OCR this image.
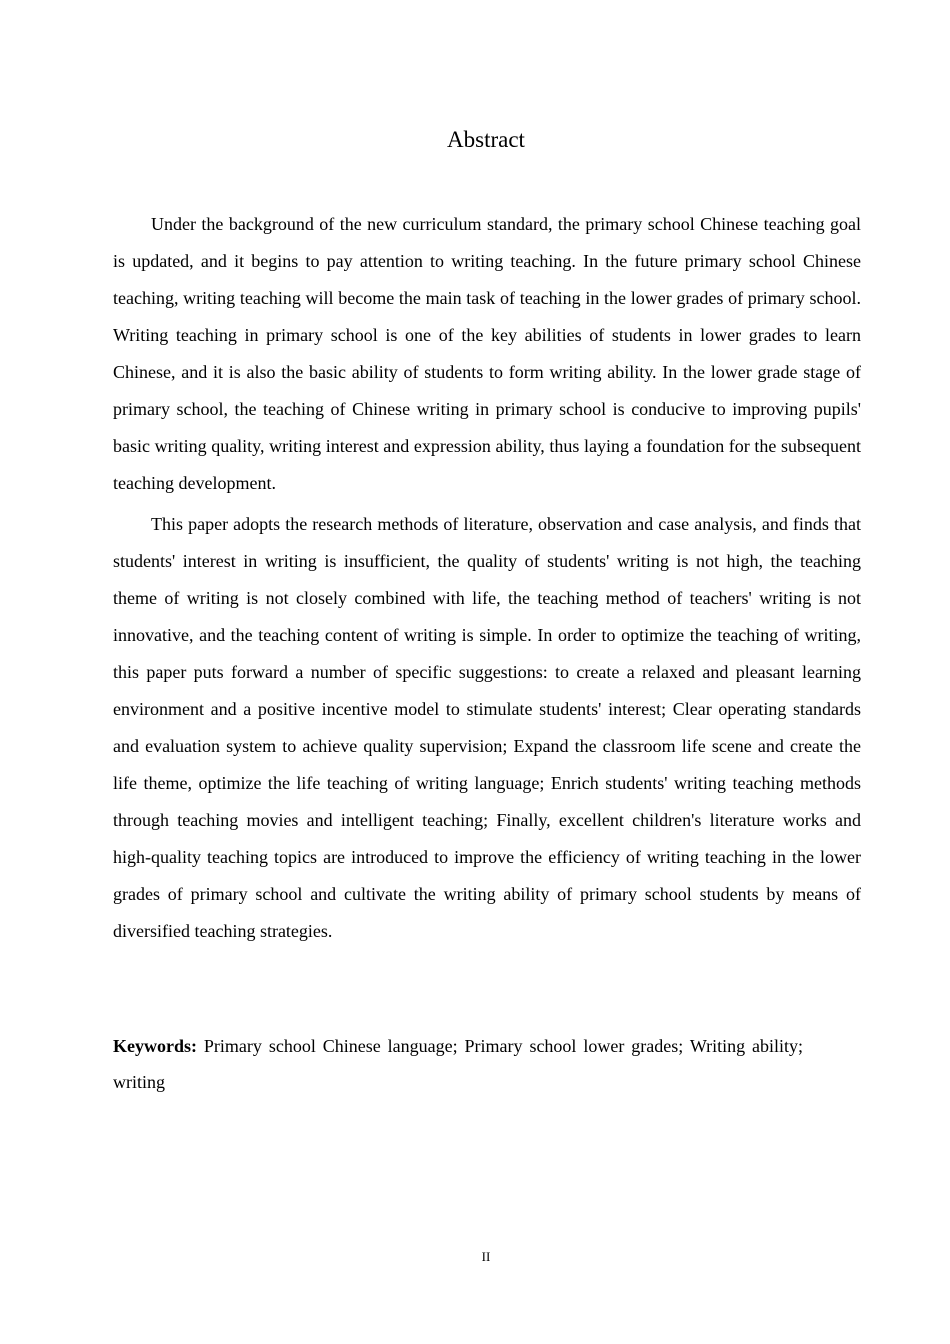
Abstract

Under the background of the new curriculum standard, the primary school Chinese teaching goal is updated, and it begins to pay attention to writing teaching. In the future primary school Chinese teaching, writing teaching will become the main task of teaching in the lower grades of primary school. Writing teaching in primary school is one of the key abilities of students in lower grades to learn Chinese, and it is also the basic ability of students to form writing ability. In the lower grade stage of primary school, the teaching of Chinese writing in primary school is conducive to improving pupils' basic writing quality, writing interest and expression ability, thus laying a foundation for the subsequent teaching development.

This paper adopts the research methods of literature, observation and case analysis, and finds that students' interest in writing is insufficient, the quality of students' writing is not high, the teaching theme of writing is not closely combined with life, the teaching method of teachers' writing is not innovative, and the teaching content of writing is simple. In order to optimize the teaching of writing, this paper puts forward a number of specific suggestions: to create a relaxed and pleasant learning environment and a positive incentive model to stimulate students' interest; Clear operating standards and evaluation system to achieve quality supervision; Expand the classroom life scene and create the life theme, optimize the life teaching of writing language; Enrich students' writing teaching methods through teaching movies and intelligent teaching; Finally, excellent children's literature works and high-quality teaching topics are introduced to improve the efficiency of writing teaching in the lower grades of primary school and cultivate the writing ability of primary school students by means of diversified teaching strategies.

Keywords: Primary school Chinese language; Primary school lower grades; Writing ability; writing

II
